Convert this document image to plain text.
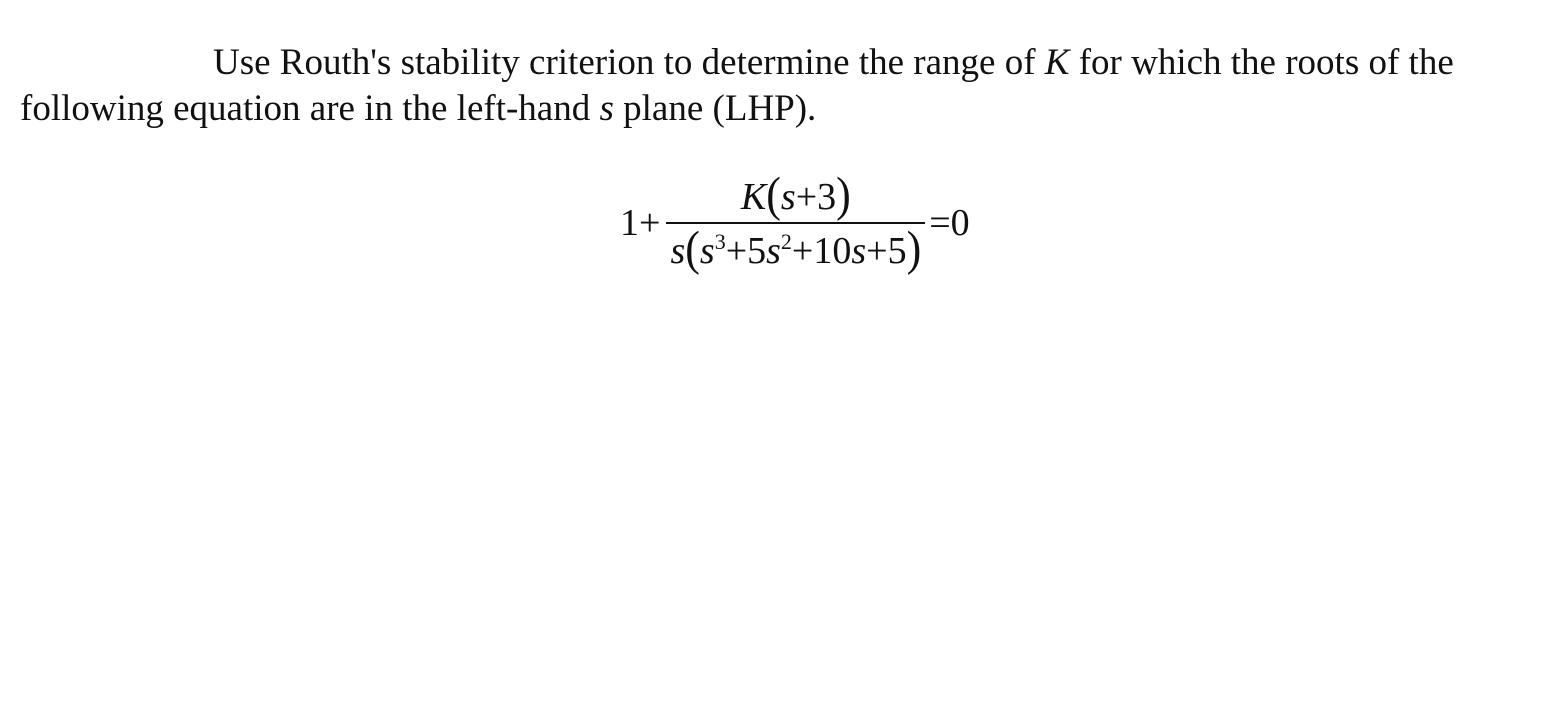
Use Routh's stability criterion to determine the range of K for which the roots of the following equation are in the left-hand s plane (LHP).

$1+ \frac{K(s+3)}{s(s^3+5s^2+10s+5)} =0$
